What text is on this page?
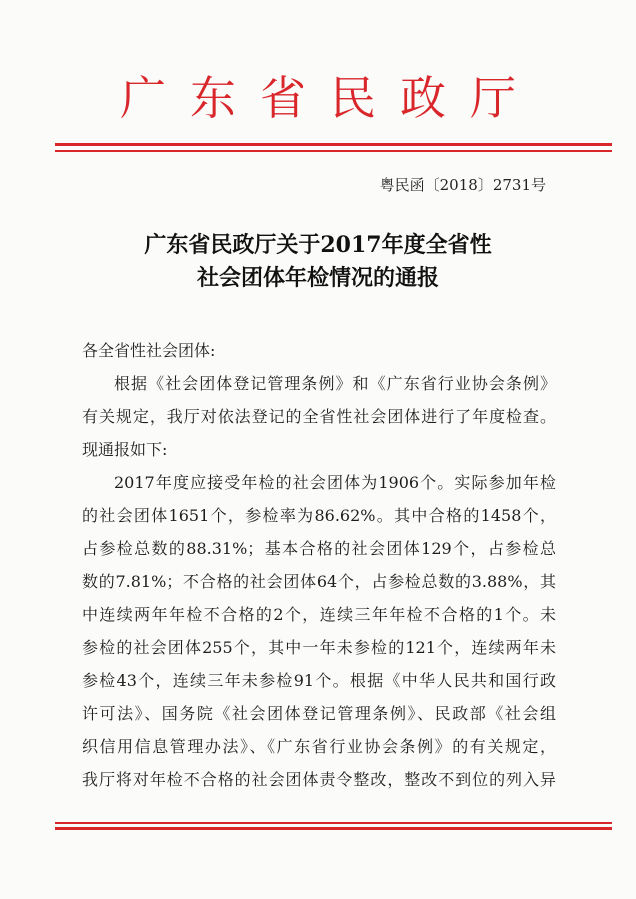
广东省民政厅
粤民函〔2018〕2731号
广东省民政厅关于2017年度全省性
社会团体年检情况的通报
各全省性社会团体:
根据《社会团体登记管理条例》和《广东省行业协会条例》
有关规定，我厅对依法登记的全省性社会团体进行了年度检查。
现通报如下:
2017年度应接受年检的社会团体为1906个。实际参加年检
的社会团体1651个，参检率为86.62%。其中合格的1458个，
占参检总数的88.31%；基本合格的社会团体129个，占参检总
数的7.81%；不合格的社会团体64个，占参检总数的3.88%，其
中连续两年年检不合格的2个，连续三年年检不合格的1个。未
参检的社会团体255个，其中一年未参检的121个，连续两年未
参检43个，连续三年未参检91个。根据《中华人民共和国行政
许可法》、国务院《社会团体登记管理条例》、民政部《社会组
织信用信息管理办法》、《广东省行业协会条例》的有关规定，
我厅将对年检不合格的社会团体责令整改，整改不到位的列入异
